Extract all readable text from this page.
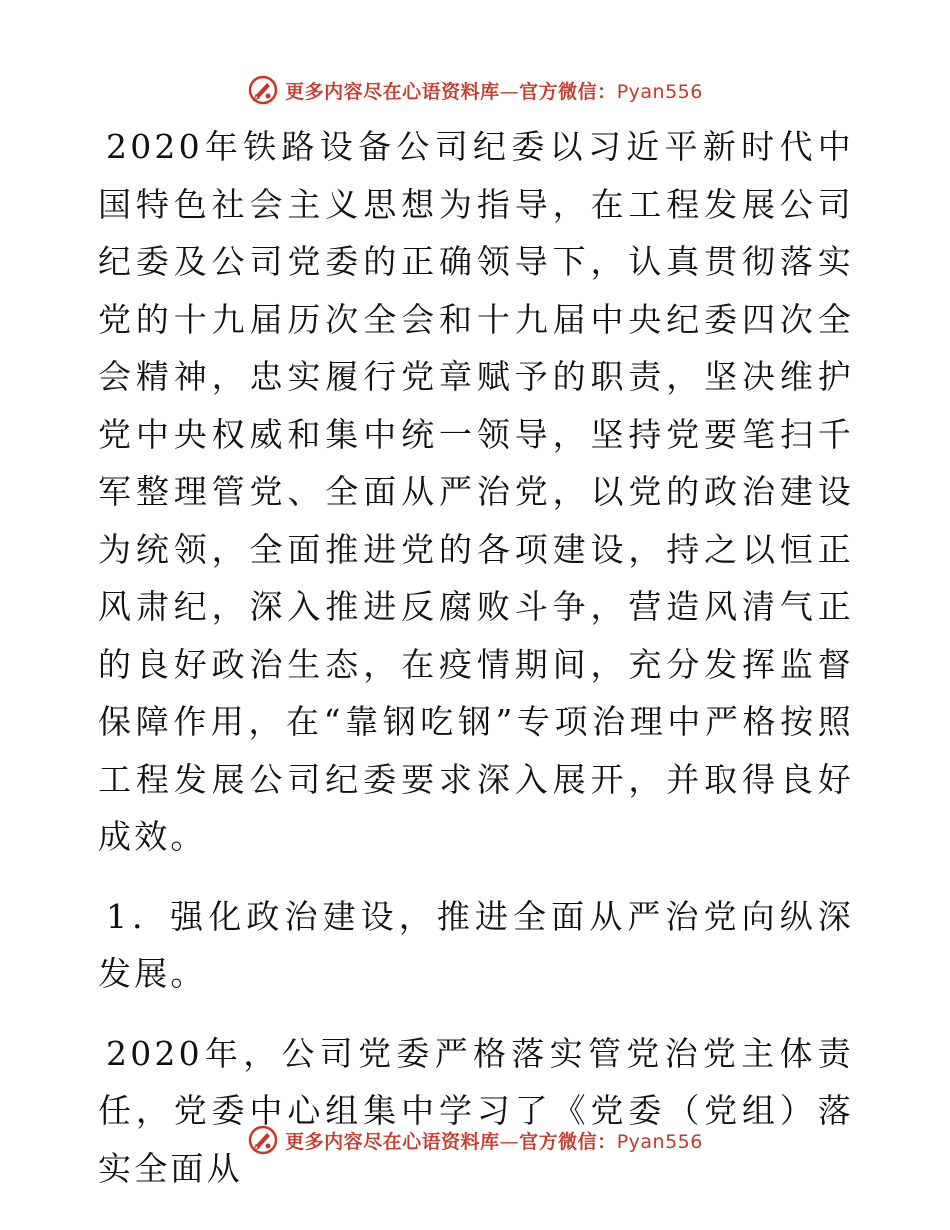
更多内容尽在心语资料库—官方微信：Pyan556

2020年铁路设备公司纪委以习近平新时代中国特色社会主义思想为指导，在工程发展公司纪委及公司党委的正确领导下，认真贯彻落实党的十九届历次全会和十九届中央纪委四次全会精神，忠实履行党章赋予的职责，坚决维护党中央权威和集中统一领导，坚持党要笔扫千军整理管党、全面从严治党，以党的政治建设为统领，全面推进党的各项建设，持之以恒正风肃纪，深入推进反腐败斗争，营造风清气正的良好政治生态，在疫情期间，充分发挥监督保障作用，在“靠钢吃钢”专项治理中严格按照工程发展公司纪委要求深入展开，并取得良好成效。

1．强化政治建设，推进全面从严治党向纵深发展。

2020年，公司党委严格落实管党治党主体责任，党委中心组集中学习了《党委（党组）落实全面从

更多内容尽在心语资料库—官方微信：Pyan556
